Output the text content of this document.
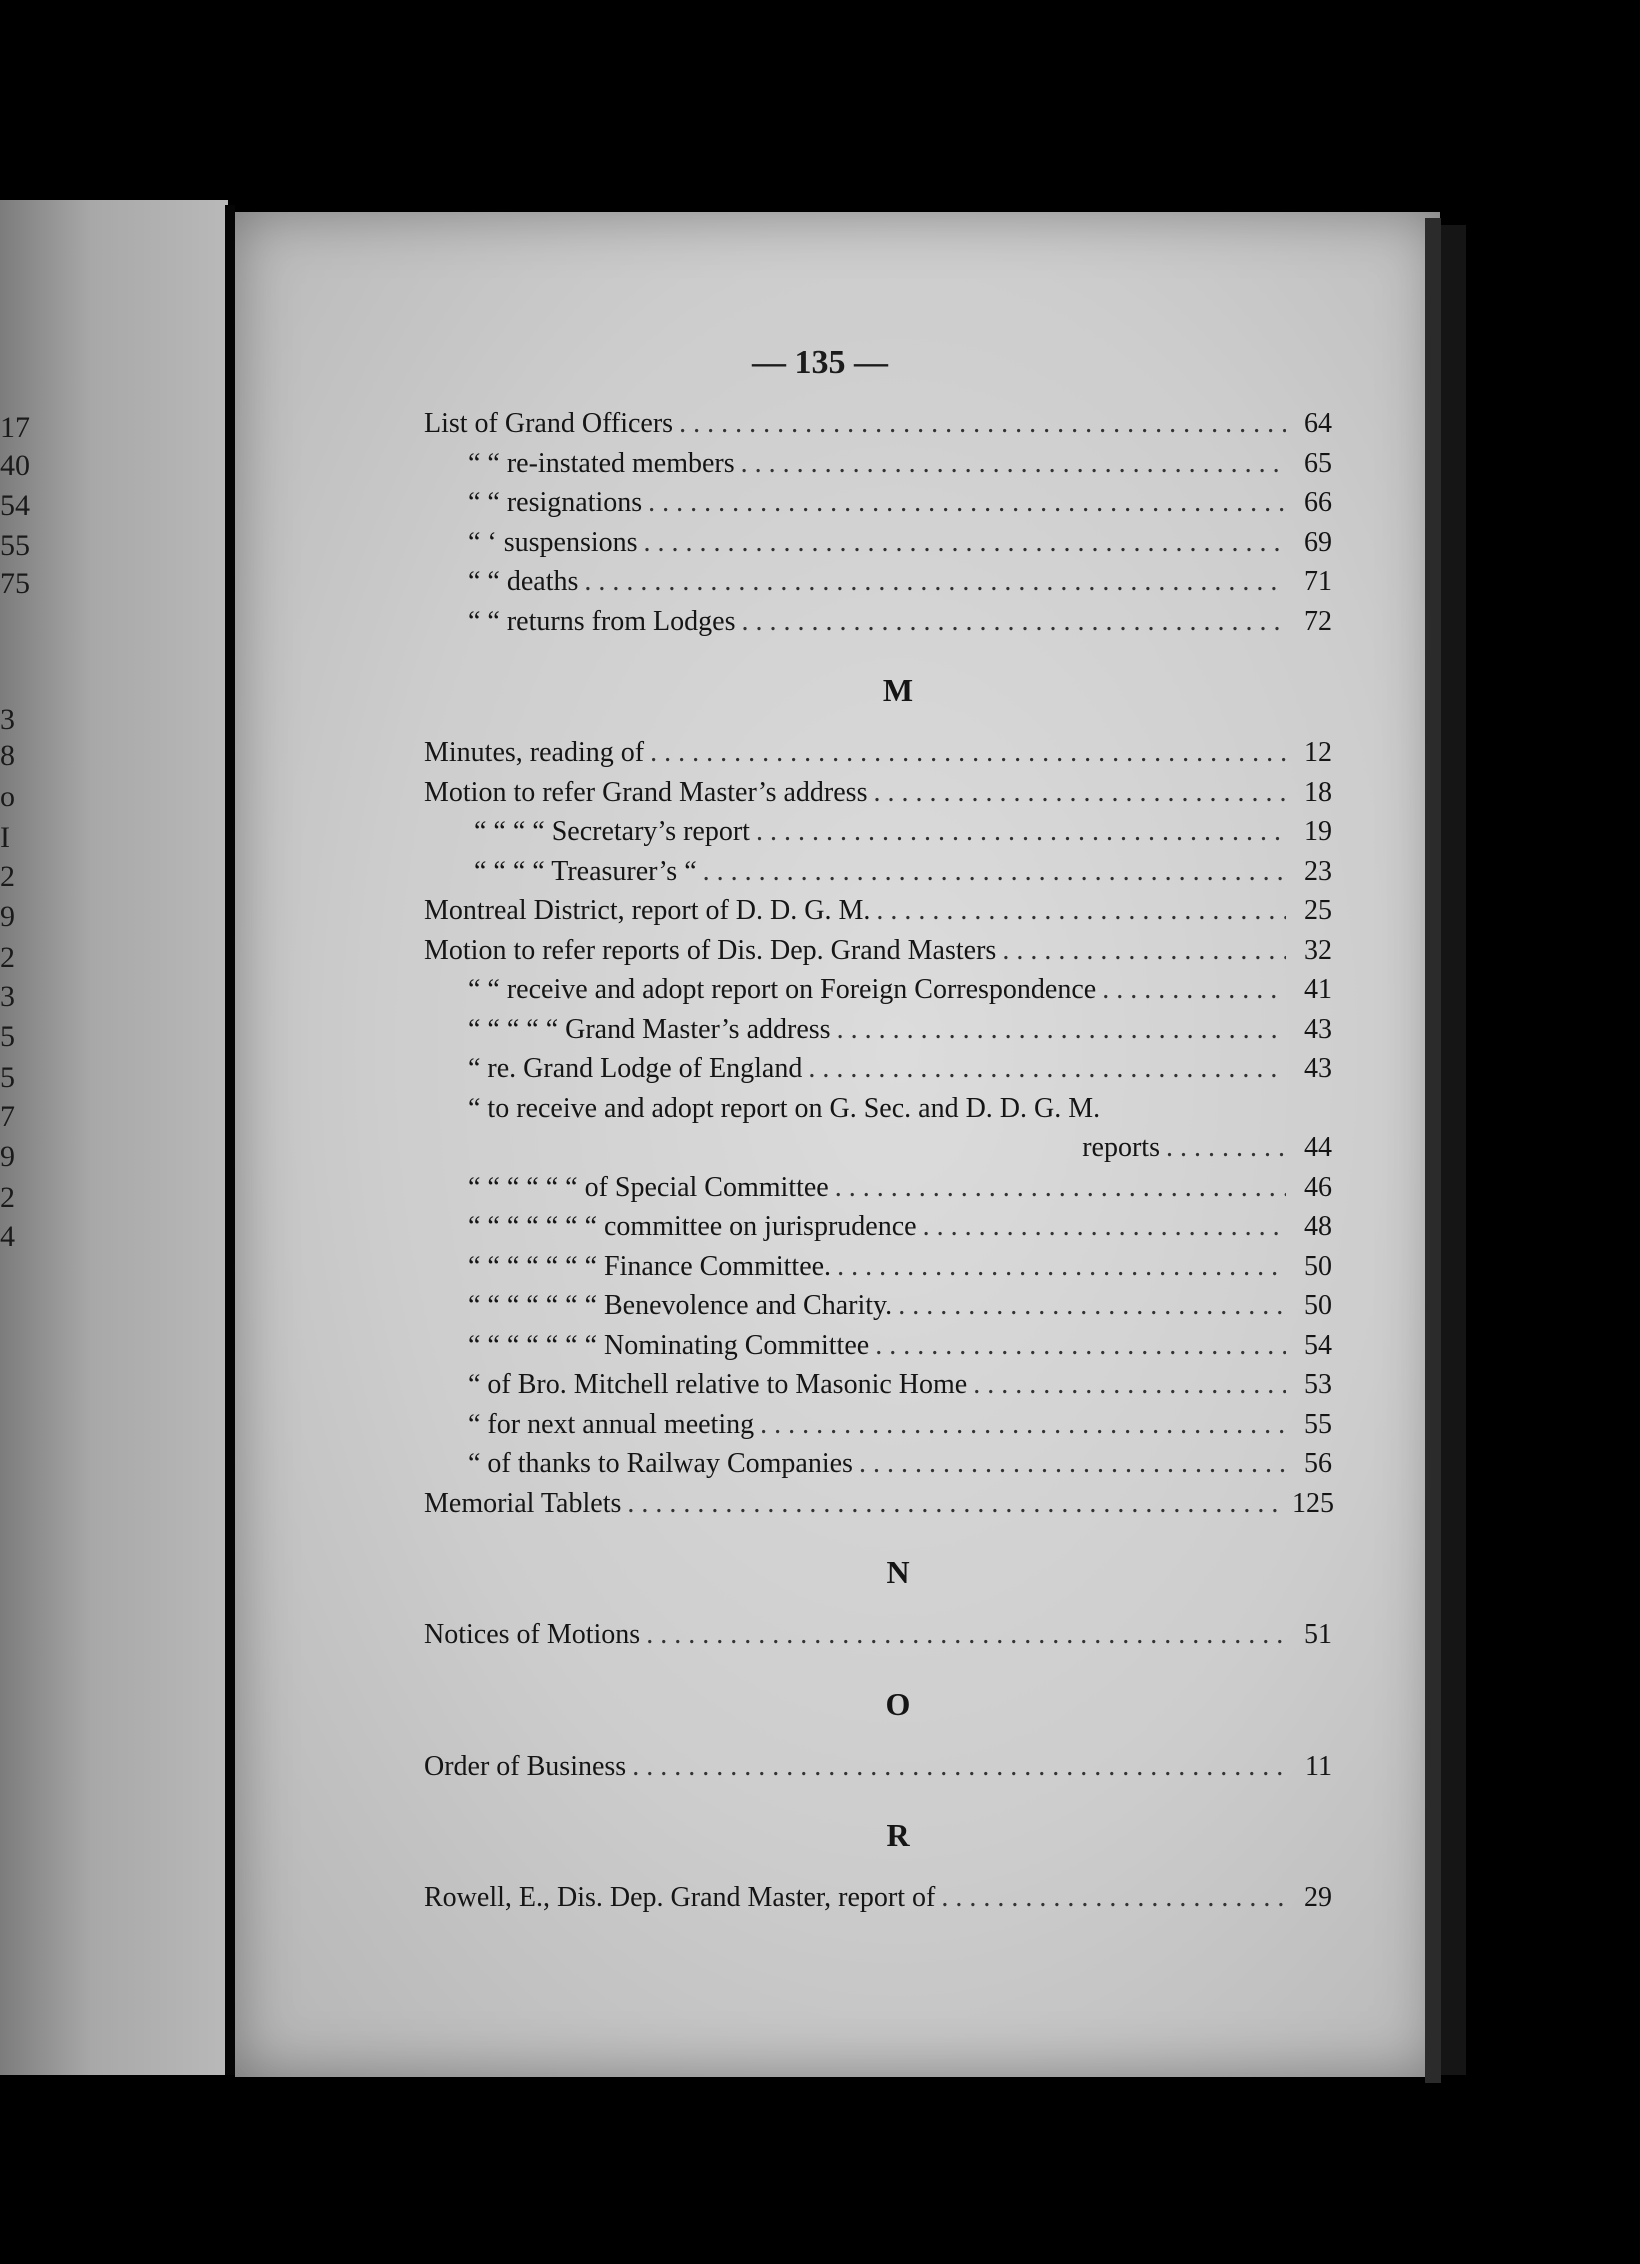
17
40
54
55
75
3
8
o
I
2
9
2
3
5
5
7
9
2
4
— 135 —
List of Grand Officers . . .	64
“ “ re-instated members . . .	65
“ “ resignations . . .	66
“ ‘ suspensions . . .	69
“ “ deaths . . .	71
“ “ returns from Lodges . . .	72
M
Minutes, reading of . . .	12
Motion to refer Grand Master’s address . . .	18
“ “ “ “ Secretary’s report . . .	19
“ “ “ “ Treasurer’s “ . . .	23
Montreal District, report of D. D. G. M. . . .	25
Motion to refer reports of Dis. Dep. Grand Masters . . .	32
“ “ receive and adopt report on Foreign Correspondence . . .	41
“ “ “ “ “ Grand Master’s address . . .	43
“ re. Grand Lodge of England . . .	43
“ to receive and adopt report on G. Sec. and D. D. G. M.
reports . . .	44
“ “ “ “ “ “ of Special Committee . . .	46
“ “ “ “ “ “ “ committee on jurisprudence . . .	48
“ “ “ “ “ “ “ Finance Committee. . . .	50
“ “ “ “ “ “ “ Benevolence and Charity. . . .	50
“ “ “ “ “ “ “ Nominating Committee . . .	54
“ of Bro. Mitchell relative to Masonic Home . . .	53
“ for next annual meeting . . .	55
“ of thanks to Railway Companies . . .	56
Memorial Tablets . . .	125
N
Notices of Motions . . .	51
O
Order of Business . . .	11
R
Rowell, E., Dis. Dep. Grand Master, report of . . .	29
